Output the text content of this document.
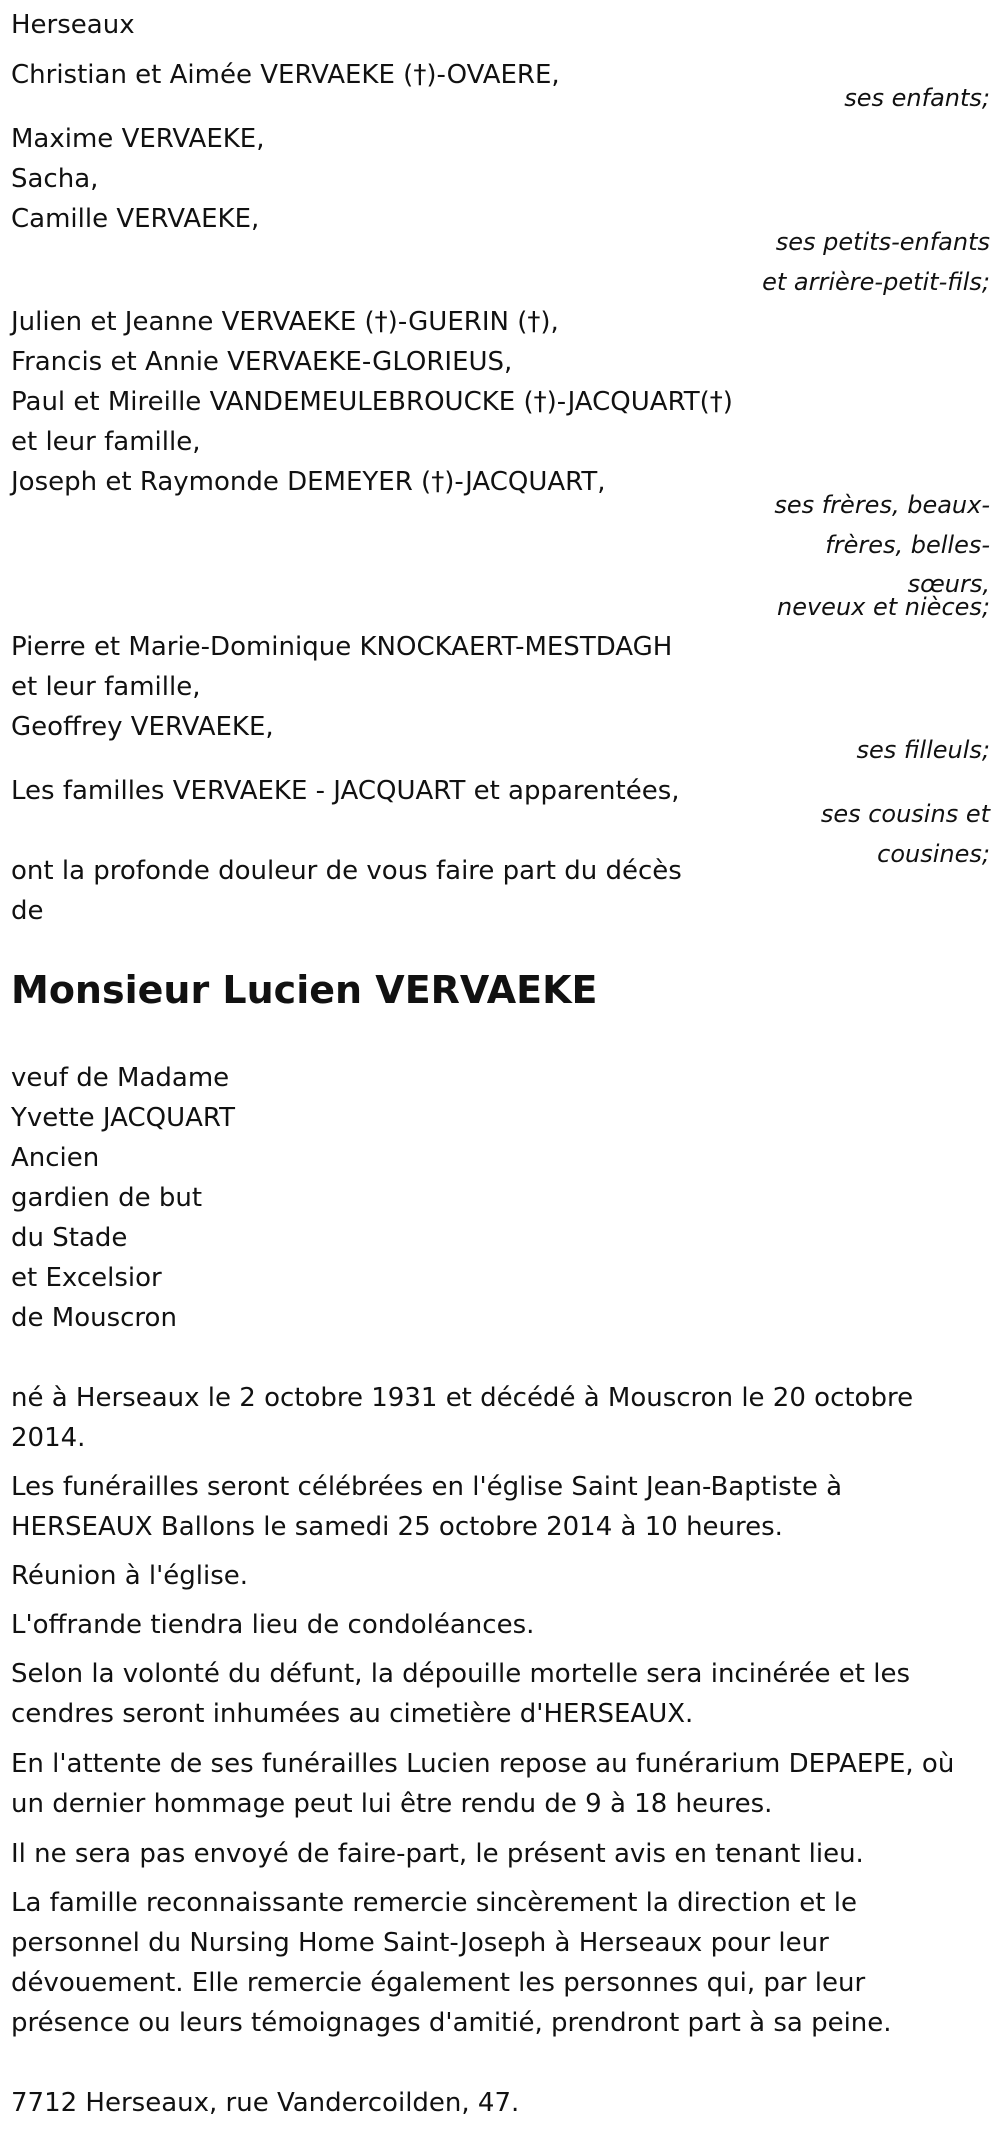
Herseaux
Christian et Aimée VERVAEKE (†)-OVAERE,
ses enfants;
Maxime VERVAEKE,
Sacha,
Camille VERVAEKE,
ses petits-enfants
et arrière-petit-fils;
Julien et Jeanne VERVAEKE (†)-GUERIN (†),
Francis et Annie VERVAEKE-GLORIEUS,
Paul et Mireille VANDEMEULEBROUCKE (†)-JACQUART(†)
et leur famille,
Joseph et Raymonde DEMEYER (†)-JACQUART,
ses frères, beaux-
frères, belles-
sœurs,
neveux et nièces;
Pierre et Marie-Dominique KNOCKAERT-MESTDAGH
et leur famille,
Geoffrey VERVAEKE,
ses filleuls;
Les familles VERVAEKE - JACQUART et apparentées,
ses cousins et
cousines;
ont la profonde douleur de vous faire part du décès
de
Monsieur Lucien VERVAEKE
veuf de Madame
Yvette JACQUART
Ancien
gardien de but
du Stade
et Excelsior
de Mouscron

né à Herseaux le 2 octobre 1931 et décédé à Mouscron le 20 octobre 2014.

Les funérailles seront célébrées en l'église Saint Jean-Baptiste à HERSEAUX Ballons le samedi 25 octobre 2014 à 10 heures.

Réunion à l'église.

L'offrande tiendra lieu de condoléances.

Selon la volonté du défunt, la dépouille mortelle sera incinérée et les cendres seront inhumées au cimetière d'HERSEAUX.

En l'attente de ses funérailles Lucien repose au funérarium DEPAEPE, où un dernier hommage peut lui être rendu de 9 à 18 heures.

Il ne sera pas envoyé de faire-part, le présent avis en tenant lieu.

La famille reconnaissante remercie sincèrement la direction et le personnel du Nursing Home Saint-Joseph à Herseaux pour leur dévouement. Elle remercie également les personnes qui, par leur présence ou leurs témoignages d'amitié, prendront part à sa peine.

7712 Herseaux, rue Vandercoilden, 47.
